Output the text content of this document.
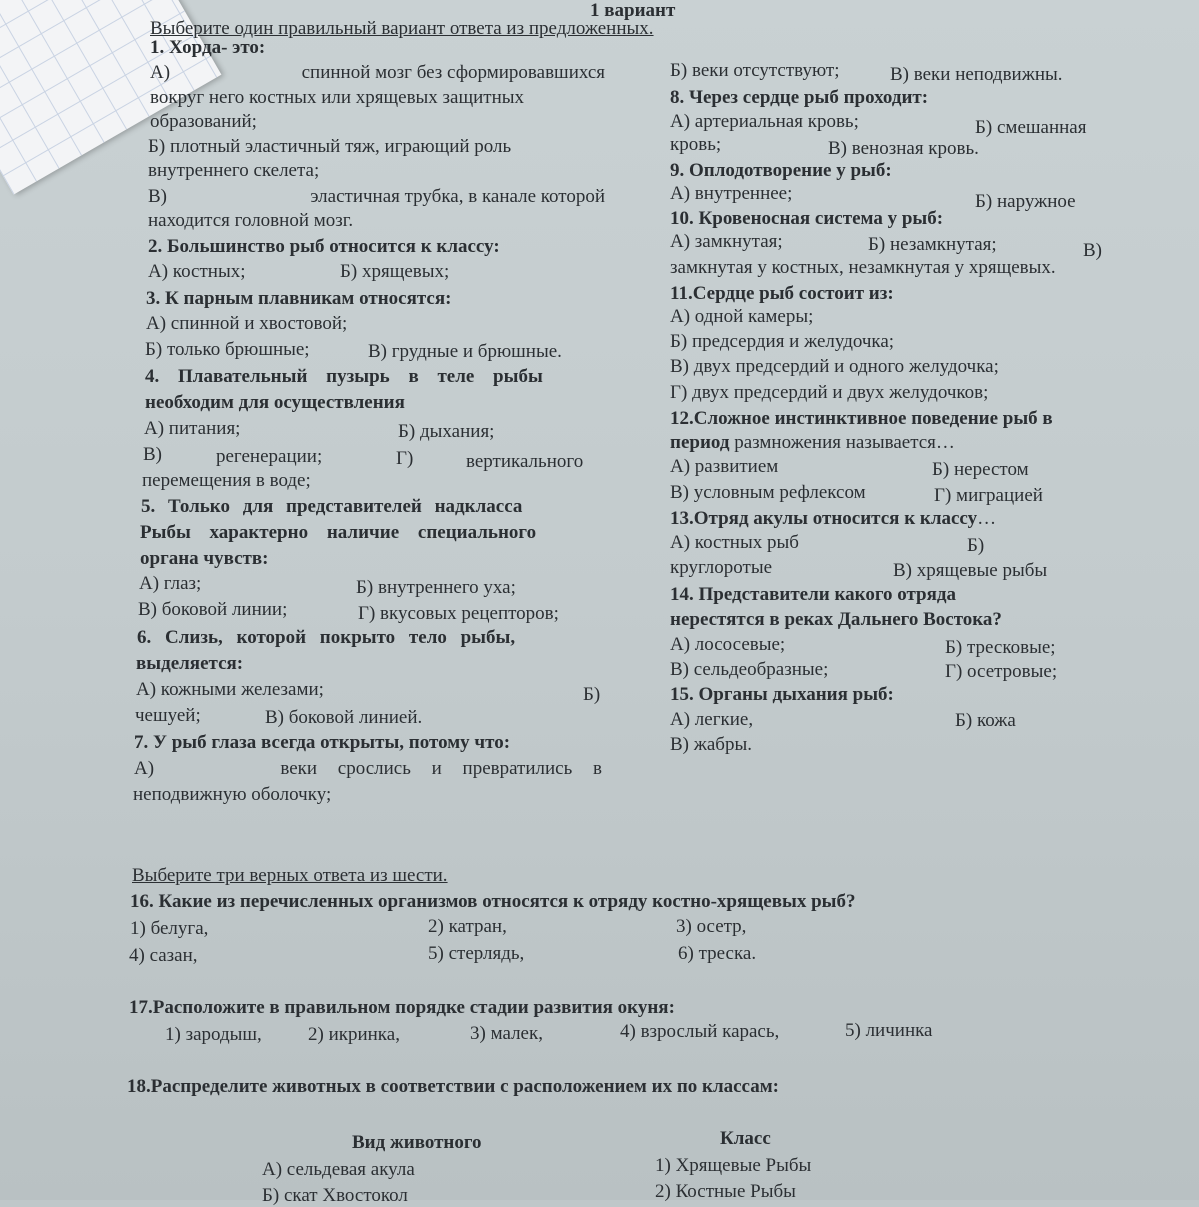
1 вариант
Выберите один правильный вариант ответа из предложенных.
1. Хорда- это:
А)	спинной мозг без сформировавшихся
вокруг него костных или хрящевых защитных
образований;
Б) плотный эластичный тяж, играющий роль
внутреннего скелета;
В)	эластичная трубка, в канале которой
находится головной мозг.
2. Большинство рыб относится к классу:
А) костных;	Б) хрящевых;
3. К парным плавникам относятся:
А) спинной и хвостовой;
Б) только брюшные;	В) грудные и брюшные.
4. Плавательный пузырь в теле рыбы
необходим для осуществления
А) питания;	Б) дыхания;
В)	регенерации;	Г)	вертикального
перемещения в воде;
5. Только для представителей надкласса
Рыбы характерно наличие специального
органа чувств:
А) глаз;	Б) внутреннего уха;
В) боковой линии;	Г) вкусовых рецепторов;
6. Слизь, которой покрыто тело рыбы,
выделяется:
А) кожными железами;	Б)
чешуей;	В) боковой линией.
7. У рыб глаза всегда открыты, потому что:
А)	веки срослись и превратились в
неподвижную оболочку;
Б) веки отсутствуют;	В) веки неподвижны.
8. Через сердце рыб проходит:
А) артериальная кровь;	Б) смешанная
кровь;	В) венозная кровь.
9. Оплодотворение у рыб:
А) внутреннее;	Б) наружное
10. Кровеносная система у рыб:
А) замкнутая;	Б) незамкнутая;	В)
замкнутая у костных, незамкнутая у хрящевых.
11.Сердце рыб состоит из:
А) одной камеры;
Б) предсердия и желудочка;
В) двух предсердий и одного желудочка;
Г) двух предсердий и двух желудочков;
12.Сложное инстинктивное поведение рыб в
период размножения называется…
А) развитием	Б) нерестом
В) условным рефлексом	Г) миграцией
13.Отряд акулы относится к классу…
А) костных рыб	Б)
круглоротые	В) хрящевые рыбы
14. Представители какого отряда
нерестятся в реках Дальнего Востока?
А) лососевые;	Б) тресковые;
В) сельдеобразные;	Г) осетровые;
15. Органы дыхания рыб:
А) легкие,	Б) кожа
В) жабры.
Выберите три верных ответа из шести.
16. Какие из перечисленных организмов относятся к отряду костно-хрящевых рыб?
1) белуга,	2) катран,	3) осетр,
4) сазан,	5) стерлядь,	6) треска.
17.Расположите в правильном порядке стадии развития окуня:
1) зародыш, 2) икринка,	3) малек,	4) взрослый карась,	5) личинка
18.Распределите животных в соответствии с расположением их по классам:
Вид животного	Класс
А) сельдевая акула
Б) скат Хвостокол
1) Хрящевые Рыбы
2) Костные Рыбы
